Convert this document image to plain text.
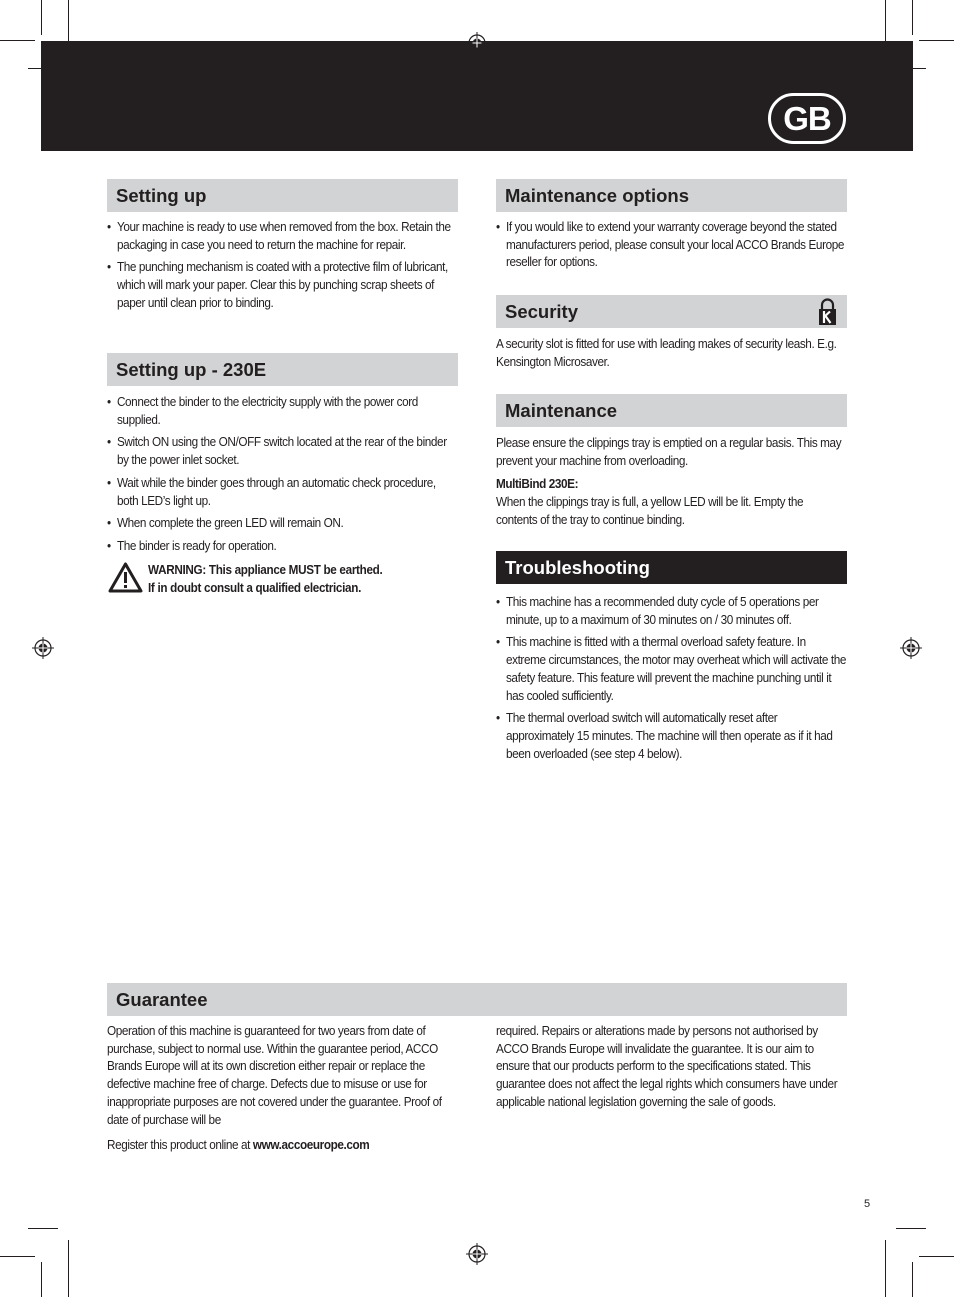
GB
Setting up
• Your machine is ready to use when removed from the box. Retain the packaging in case you need to return the machine for repair.
• The punching mechanism is coated with a protective film of lubricant, which will mark your paper. Clear this by punching scrap sheets of paper until clean prior to binding.
Setting up - 230E
• Connect the binder to the electricity supply with the power cord supplied.
• Switch ON using the ON/OFF switch located at the rear of the binder by the power inlet socket.
• Wait while the binder goes through an automatic check procedure, both LED’s light up.
• When complete the green LED will remain ON.
• The binder is ready for operation.
WARNING: This appliance MUST be earthed.
If in doubt consult a qualified electrician.
Maintenance options
• If you would like to extend your warranty coverage beyond the stated manufacturers period, please consult your local ACCO Brands Europe reseller for options.
Security

A security slot is fitted for use with leading makes of security leash. E.g. Kensington Microsaver.

Maintenance

Please ensure the clippings tray is emptied on a regular basis. This may prevent your machine from overloading.

MultiBind 230E:

When the clippings tray is full, a yellow LED will be lit. Empty the contents of the tray to continue binding.

Troubleshooting
• This machine has a recommended duty cycle of 5 operations per minute, up to a maximum of 30 minutes on / 30 minutes off.
• This machine is fitted with a thermal overload safety feature. In extreme circumstances, the motor may overheat which will activate the safety feature. This feature will prevent the machine punching until it has cooled sufficiently.
• The thermal overload switch will automatically reset after approximately 15 minutes. The machine will then operate as if it had been overloaded (see step 4 below).
Guarantee

Operation of this machine is guaranteed for two years from date of purchase, subject to normal use. Within the guarantee period, ACCO Brands Europe will at its own discretion either repair or replace the defective machine free of charge. Defects due to misuse or use for inappropriate purposes are not covered under the guarantee. Proof of date of purchase will be

Register this product online at www.accoeurope.com

required. Repairs or alterations made by persons not authorised by ACCO Brands Europe will invalidate the guarantee. It is our aim to ensure that our products perform to the specifications stated. This guarantee does not affect the legal rights which consumers have under applicable national legislation governing the sale of goods.

5
